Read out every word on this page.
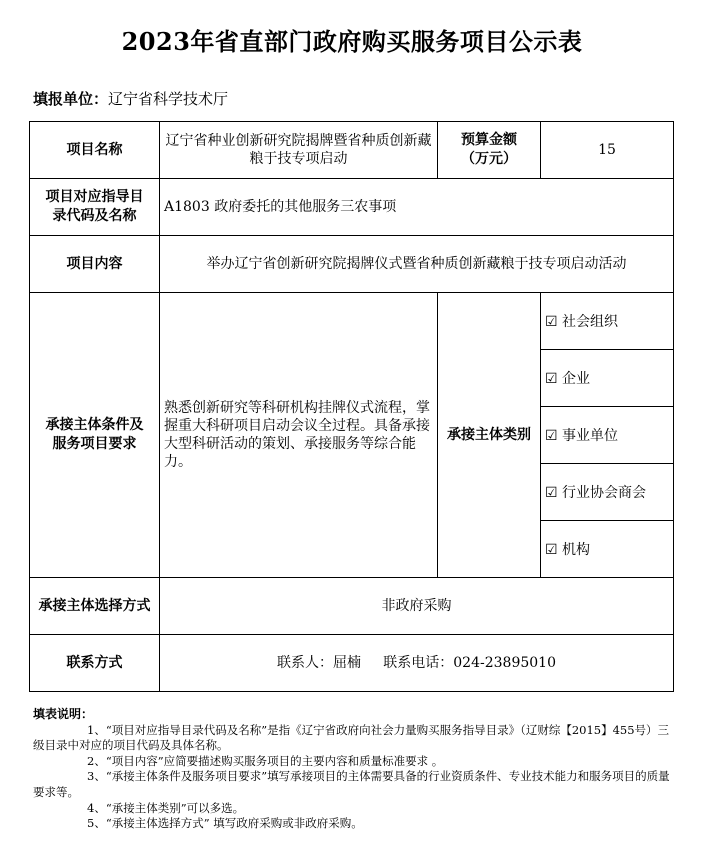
2023年省直部门政府购买服务项目公示表
填报单位：辽宁省科学技术厅
项目名称	辽宁省种业创新研究院揭牌暨省种质创新藏粮于技专项启动	预算金额
（万元）	15

项目对应指导目
录代码及名称	A1803 政府委托的其他服务三农事项		
项目内容	举办辽宁省创新研究院揭牌仪式暨省种质创新藏粮于技专项启动活动		

承接主体条件及
服务项目要求	熟悉创新研究等科研机构挂牌仪式流程，掌握重大科研项目启动会议全过程。具备承接大型科研活动的策划、承接服务等综合能力。	承接主体类别	☑ 社会组织
			☑ 企业
			☑ 事业单位
			☑ 行业协会商会
			☑ 机构
承接主体选择方式	非政府采购		
联系方式	联系人：屈楠     联系电话：024-23895010		
填表说明：
1、“项目对应指导目录代码及名称”是指《辽宁省政府向社会力量购买服务指导目录》（辽财综【2015】455号）三级目录中对应的项目代码及具体名称。
2、“项目内容”应简要描述购买服务项目的主要内容和质量标准要求 。
3、“承接主体条件及服务项目要求”填写承接项目的主体需要具备的行业资质条件、专业技术能力和服务项目的质量要求等。
4、“承接主体类别”可以多选。
5、“承接主体选择方式” 填写政府采购或非政府采购。
